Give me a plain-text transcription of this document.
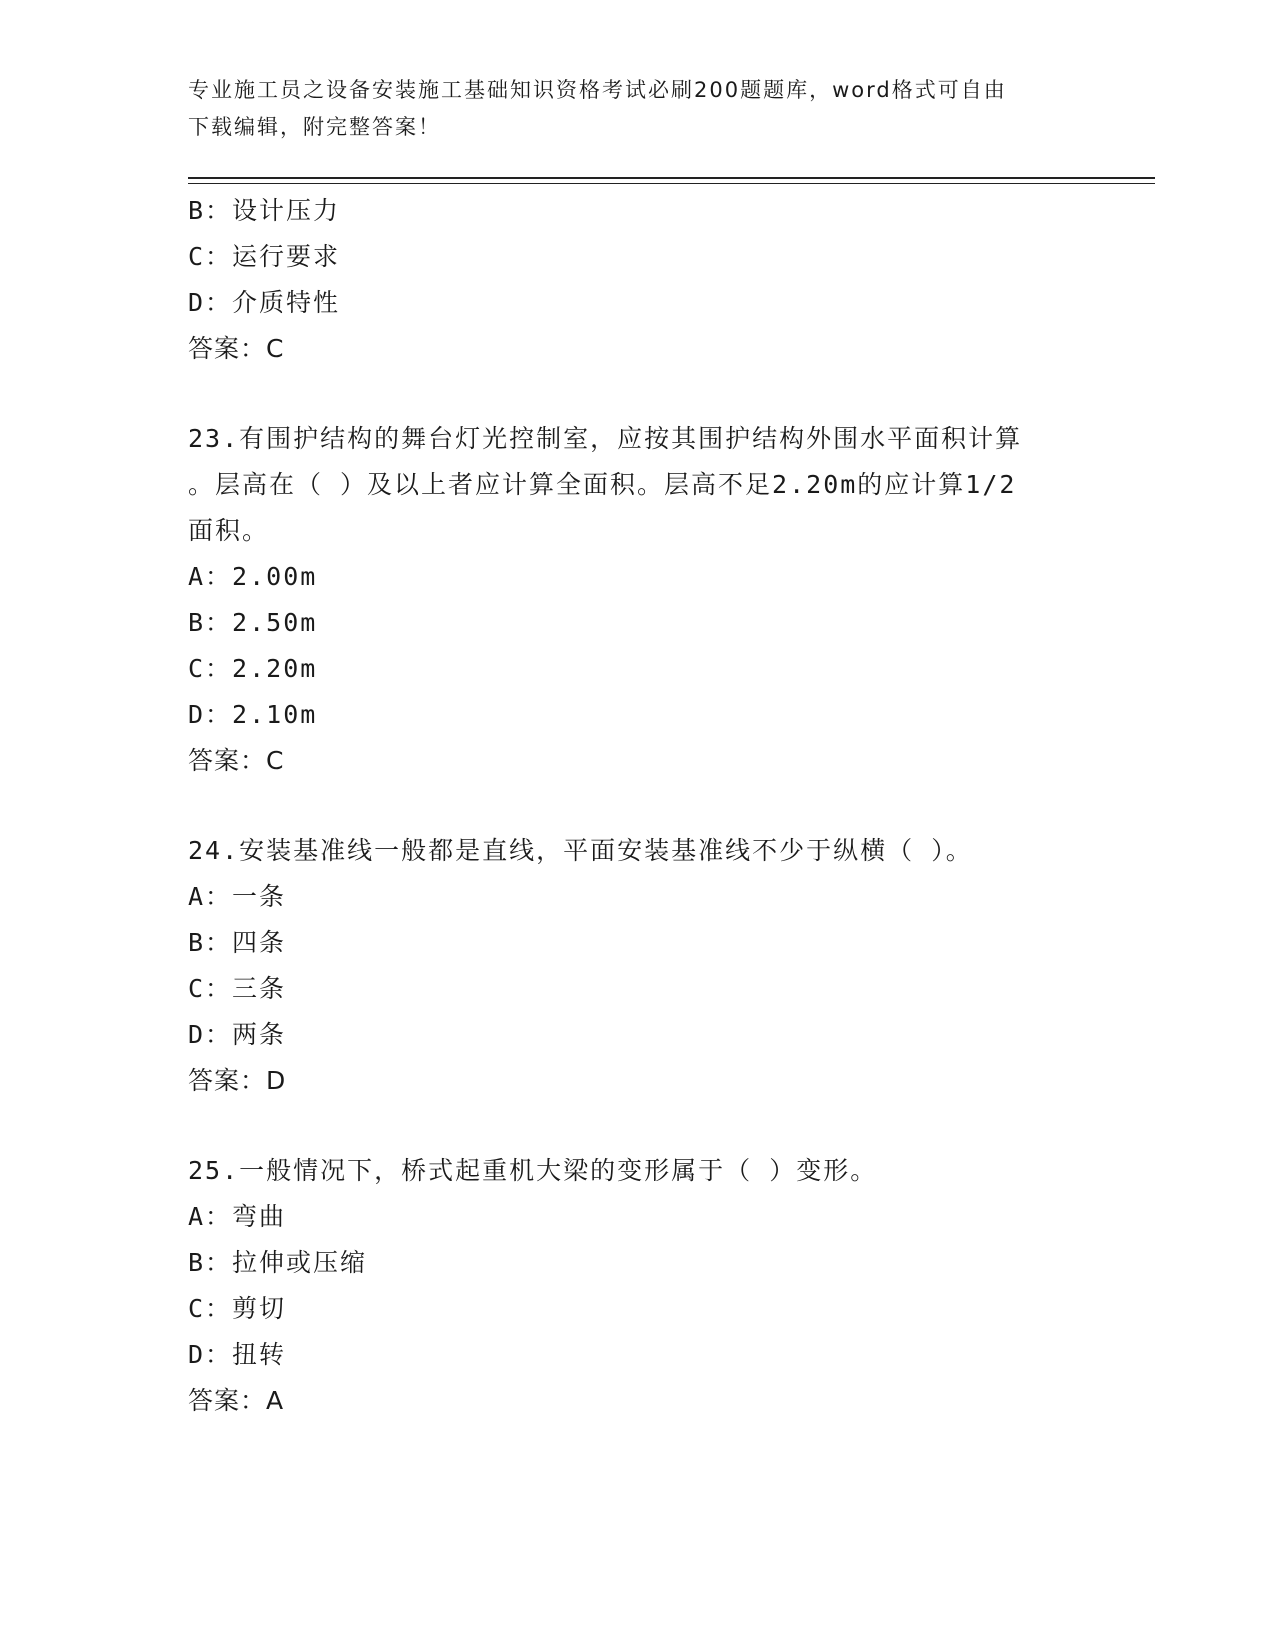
专业施工员之设备安装施工基础知识资格考试必刷200题题库，word格式可自由
下载编辑，附完整答案！
B：设计压力
C：运行要求
D：介质特性
答案：C
23.有围护结构的舞台灯光控制室，应按其围护结构外围水平面积计算
。层高在（ ）及以上者应计算全面积。层高不足2.20m的应计算1/2
面积。
A：2.00m
B：2.50m
C：2.20m
D：2.10m
答案：C
24.安装基准线一般都是直线，平面安装基准线不少于纵横（ ）。
A：一条
B：四条
C：三条
D：两条
答案：D
25.一般情况下，桥式起重机大梁的变形属于（ ）变形。
A：弯曲
B：拉伸或压缩
C：剪切
D：扭转
答案：A
